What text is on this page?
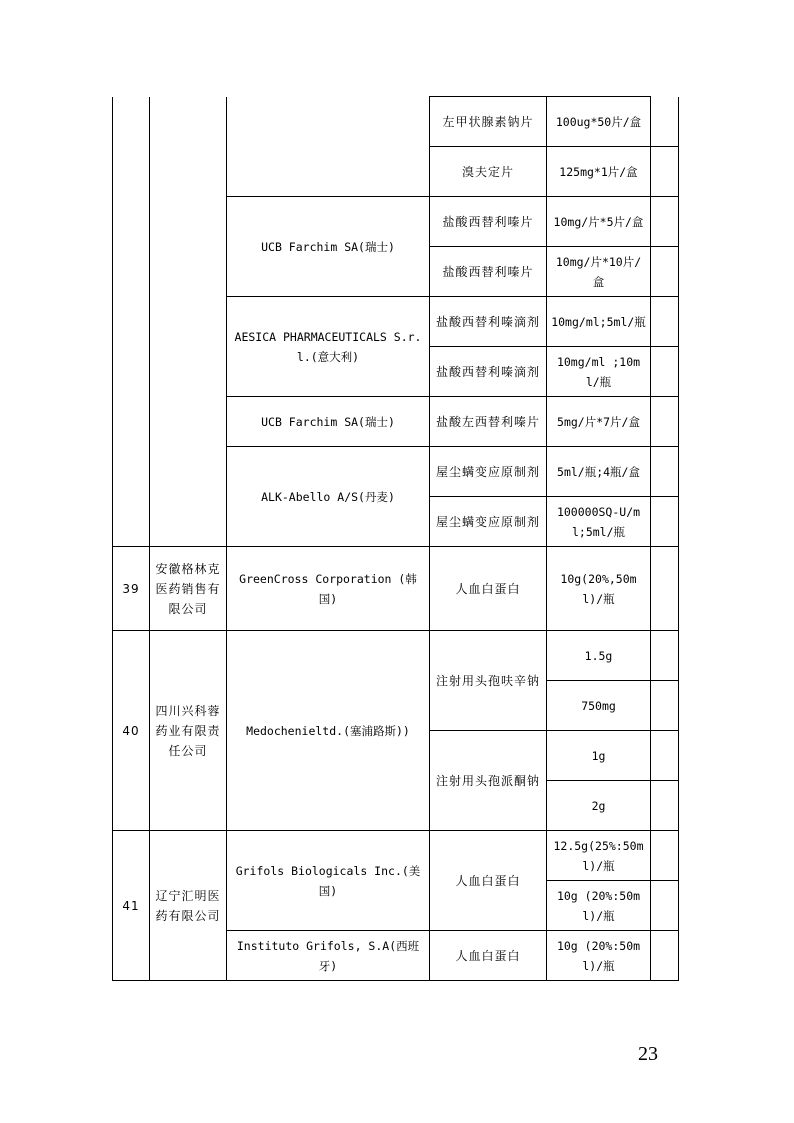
			左甲状腺素钠片	100ug*50片/盒	
			溴夫定片	125mg*1片/盒	
		UCB Farchim SA(瑞士)	盐酸西替利嗪片	10mg/片*5片/盒	
			盐酸西替利嗪片	10mg/片*10片/盒	
		AESICA PHARMACEUTICALS S.r.l.(意大利)	盐酸西替利嗪滴剂	10mg/ml;5ml/瓶	
			盐酸西替利嗪滴剂	10mg/ml ;10ml/瓶	
		UCB Farchim SA(瑞士)	盐酸左西替利嗪片	5mg/片*7片/盒	
		ALK-Abello A/S(丹麦)	屋尘螨变应原制剂	5ml/瓶;4瓶/盒	
			屋尘螨变应原制剂	100000SQ-U/ml;5ml/瓶	
39	安徽格林克医药销售有限公司	GreenCross Corporation (韩国)	人血白蛋白	10g(20%,50ml)/瓶	
40	四川兴科蓉药业有限责任公司	Medochenieltd.(塞浦路斯))	注射用头孢呋辛钠	1.5g	
				750mg	
			注射用头孢派酮钠	1g	
				2g	
41	辽宁汇明医药有限公司	Grifols Biologicals Inc.(美国)	人血白蛋白	12.5g(25%:50ml)/瓶	
				10g (20%:50ml)/瓶	
		Instituto Grifols, S.A(西班牙)	人血白蛋白	10g (20%:50ml)/瓶	
23
